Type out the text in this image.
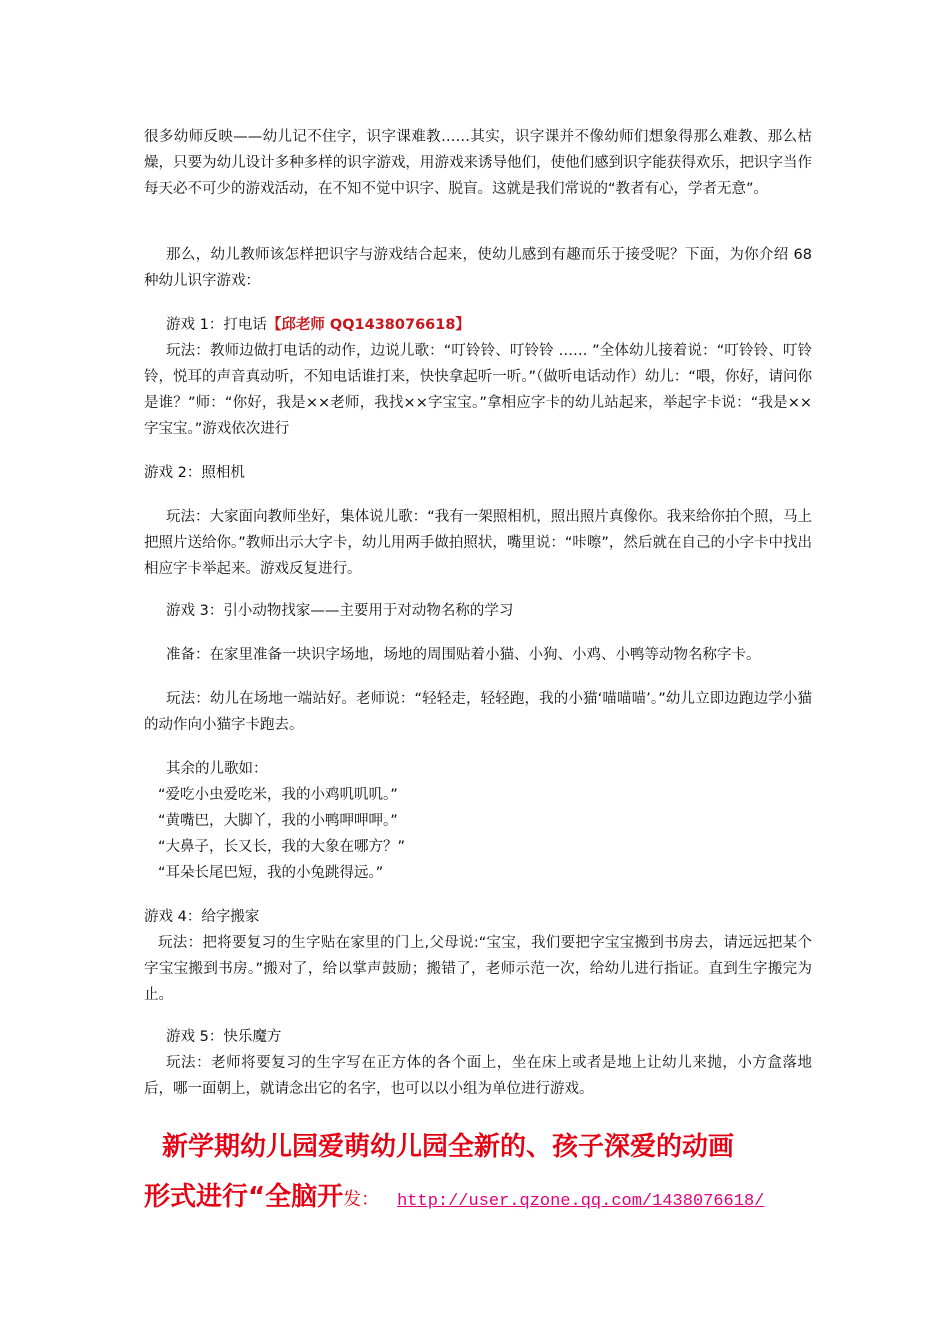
很多幼师反映——幼儿记不住字，识字课难教……其实，识字课并不像幼师们想象得那么难教、那么枯燥，只要为幼儿设计多种多样的识字游戏，用游戏来诱导他们，使他们感到识字能获得欢乐，把识字当作每天必不可少的游戏活动，在不知不觉中识字、脱盲。这就是我们常说的“教者有心，学者无意”。

那么，幼儿教师该怎样把识字与游戏结合起来，使幼儿感到有趣而乐于接受呢？下面，为你介绍 68 种幼儿识字游戏：

游戏 1：打电话【邱老师 QQ1438076618】

玩法：教师边做打电话的动作，边说儿歌：“叮铃铃、叮铃铃 …… ”全体幼儿接着说：“叮铃铃、叮铃铃，悦耳的声音真动听，不知电话谁打来，快快拿起听一听。”（做听电话动作）幼儿：“喂，你好，请问你是谁？”师：“你好，我是××老师，我找××字宝宝。”拿相应字卡的幼儿站起来，举起字卡说：“我是××字宝宝。”游戏依次进行

游戏 2：照相机

玩法：大家面向教师坐好，集体说儿歌：“我有一架照相机，照出照片真像你。我来给你拍个照，马上把照片送给你。”教师出示大字卡，幼儿用两手做拍照状，嘴里说：“咔嚓”，然后就在自己的小字卡中找出相应字卡举起来。游戏反复进行。

游戏 3：引小动物找家——主要用于对动物名称的学习

准备：在家里准备一块识字场地，场地的周围贴着小猫、小狗、小鸡、小鸭等动物名称字卡。

玩法：幼儿在场地一端站好。老师说：“轻轻走，轻轻跑，我的小猫‘喵喵喵’。”幼儿立即边跑边学小猫的动作向小猫字卡跑去。

其余的儿歌如：
“爱吃小虫爱吃米，我的小鸡叽叽叽。”
“黄嘴巴，大脚丫，我的小鸭呷呷呷。”
“大鼻子，长又长，我的大象在哪方？”
“耳朵长尾巴短，我的小兔跳得远。”

游戏 4：给字搬家

玩法：把将要复习的生字贴在家里的门上,父母说:“宝宝，我们要把字宝宝搬到书房去，请远远把某个字宝宝搬到书房。”搬对了，给以掌声鼓励；搬错了，老师示范一次，给幼儿进行指证。直到生字搬完为止。

游戏 5：快乐魔方

玩法：老师将要复习的生字写在正方体的各个面上，坐在床上或者是地上让幼儿来抛，小方盒落地后，哪一面朝上，就请念出它的名字，也可以以小组为单位进行游戏。

新学期幼儿园爱萌幼儿园全新的、孩子深爱的动画
形式进行“全脑开发： http://user.qzone.qq.com/1438076618/
